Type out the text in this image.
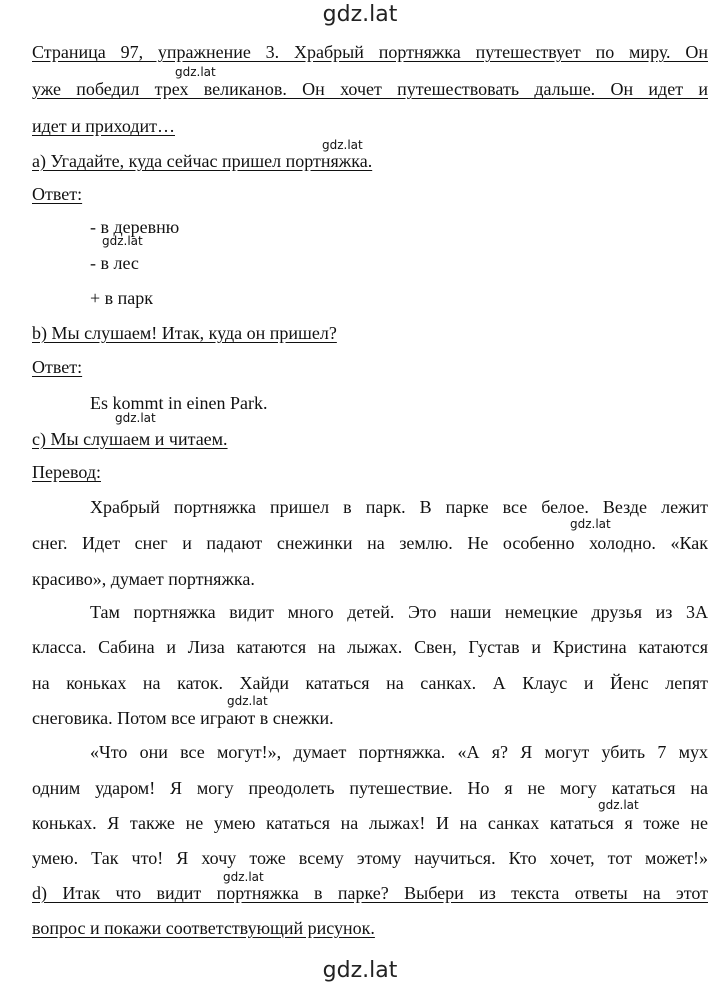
gdz.lat
Страница 97, упражнение 3. Храбрый портняжка путешествует по миру. Он
уже победил трех великанов. Он хочет путешествовать дальше. Он идет и
идет и приходит…
а) Угадайте, куда сейчас пришел портняжка.
Ответ:
- в деревню
- в лес
+ в парк
b) Мы слушаем! Итак, куда он пришел?
Ответ:
Es kommt in einen Park.
c) Мы слушаем и читаем.
Перевод:
Храбрый портняжка пришел в парк. В парке все белое. Везде лежит
снег. Идет снег и падают снежинки на землю. Не особенно холодно. «Как
красиво», думает портняжка.
Там портняжка видит много детей. Это наши немецкие друзья из 3А
класса. Сабина и Лиза катаются на лыжах. Свен, Густав и Кристина катаются
на коньках на каток. Хайди кататься на санках. А Клаус и Йенс лепят
снеговика. Потом все играют в снежки.
«Что они все могут!», думает портняжка. «А я? Я могут убить 7 мух
одним ударом! Я могу преодолеть путешествие. Но я не могу кататься на
коньках. Я также не умею кататься на лыжах! И на санках кататься я тоже не
умею. Так что! Я хочу тоже всему этому научиться. Кто хочет, тот может!»
d) Итак что видит портняжка в парке? Выбери из текста ответы на этот
вопрос и покажи соответствующий рисунок.
gdz.lat
gdz.lat
gdz.lat
gdz.lat
gdz.lat
gdz.lat
gdz.lat
gdz.lat
gdz.lat
